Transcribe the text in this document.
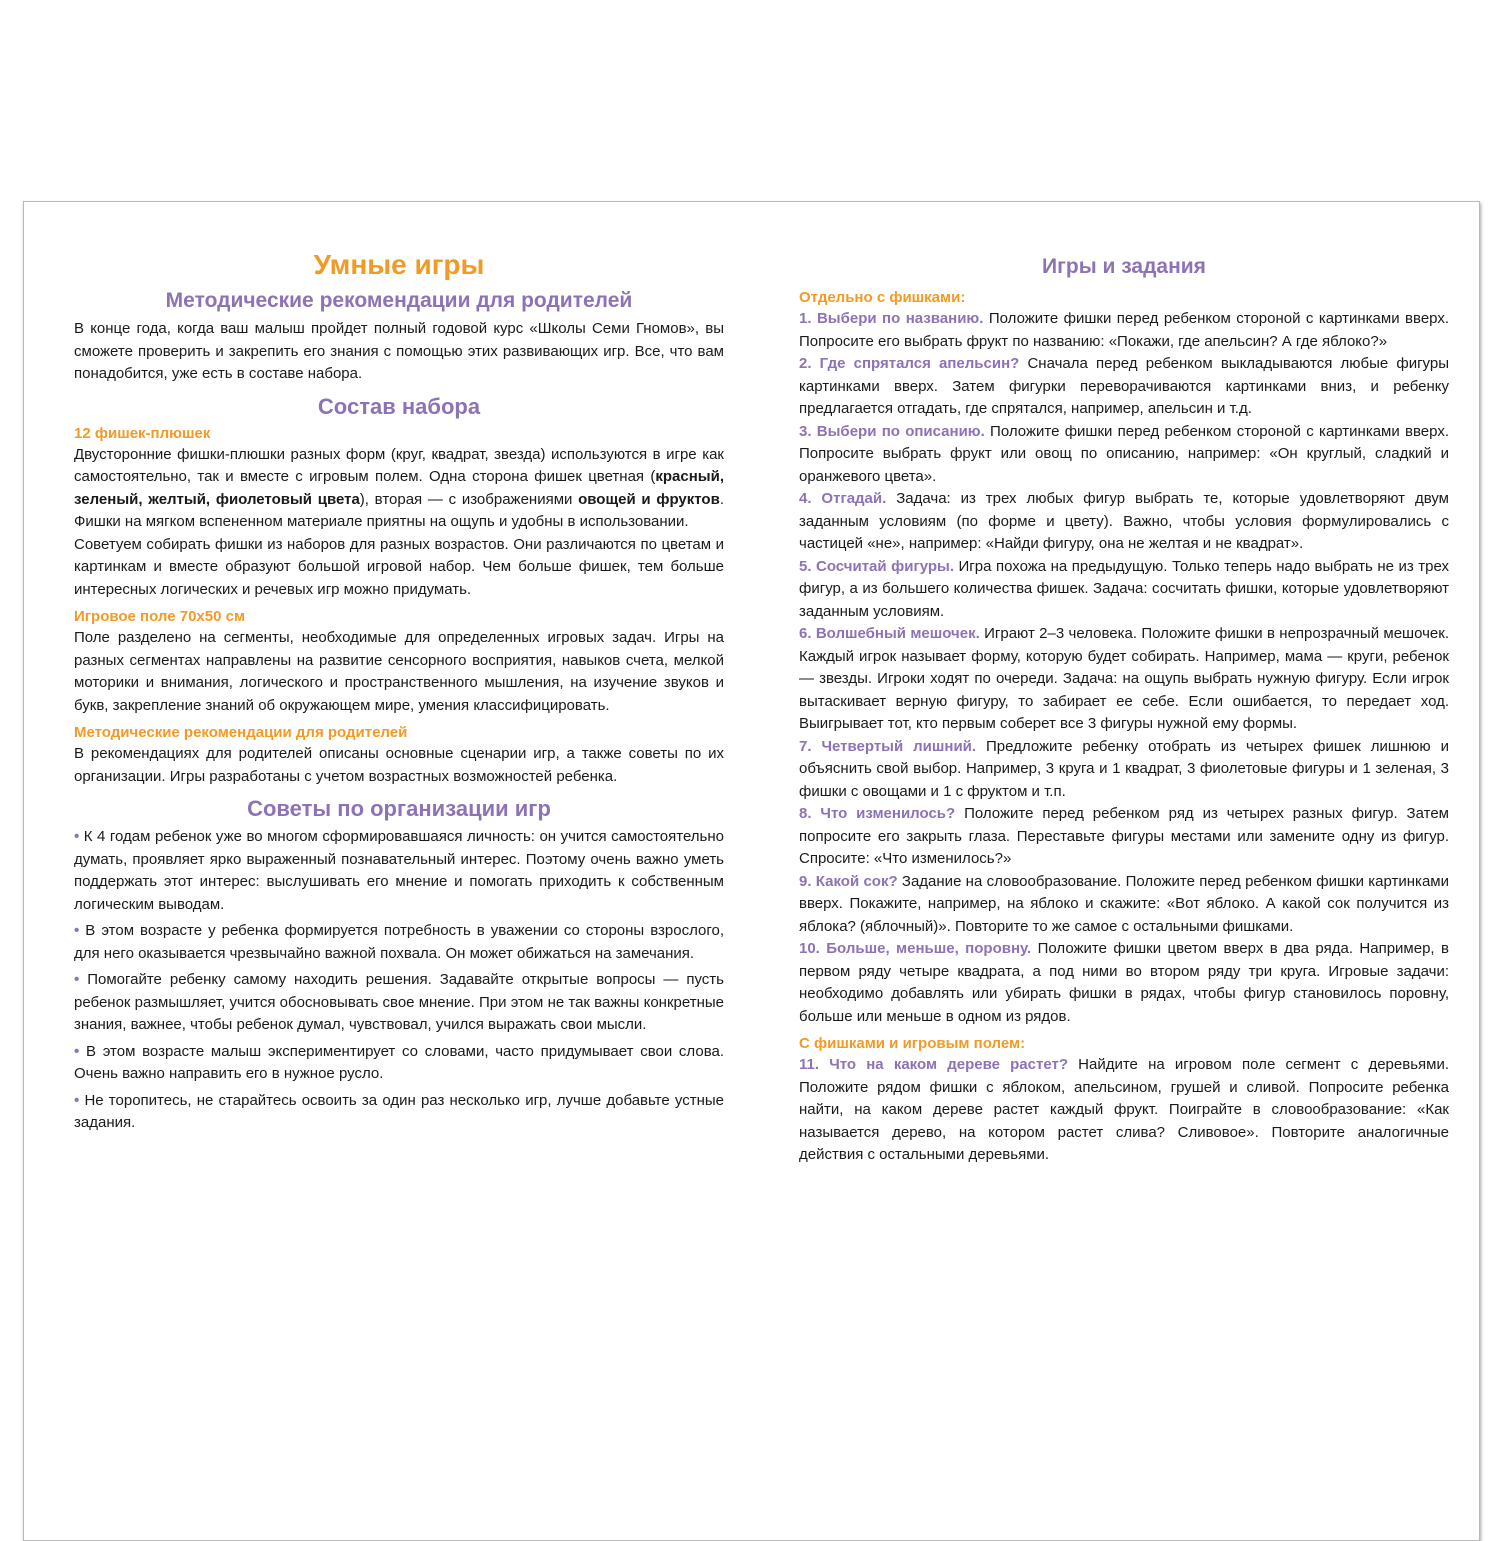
Умные игры
Методические рекомендации для родителей

В конце года, когда ваш малыш пройдет полный годовой курс «Школы Семи Гномов», вы сможете проверить и закрепить его знания с помощью этих развивающих игр. Все, что вам понадобится, уже есть в составе набора.

Состав набора
12 фишек-плюшек

Двусторонние фишки-плюшки разных форм (круг, квадрат, звезда) используются в игре как самостоятельно, так и вместе с игровым полем. Одна сторона фишек цветная (красный, зеленый, желтый, фиолетовый цвета), вторая — с изображениями овощей и фруктов. Фишки на мягком вспененном материале приятны на ощупь и удобны в использовании.

Советуем собирать фишки из наборов для разных возрастов. Они различаются по цветам и картинкам и вместе образуют большой игровой набор. Чем больше фишек, тем больше интересных логических и речевых игр можно придумать.

Игровое поле 70х50 см

Поле разделено на сегменты, необходимые для определенных игровых задач. Игры на разных сегментах направлены на развитие сенсорного восприятия, навыков счета, мелкой моторики и внимания, логического и пространственного мышления, на изучение звуков и букв, закрепление знаний об окружающем мире, умения классифицировать.

Методические рекомендации для родителей

В рекомендациях для родителей описаны основные сценарии игр, а также советы по их организации. Игры разработаны с учетом возрастных возможностей ребенка.

Советы по организации игр

• К 4 годам ребенок уже во многом сформировавшаяся личность: он учится самостоятельно думать, проявляет ярко выраженный познавательный интерес. Поэтому очень важно уметь поддержать этот интерес: выслушивать его мнение и помогать приходить к собственным логическим выводам.

• В этом возрасте у ребенка формируется потребность в уважении со стороны взрослого, для него оказывается чрезвычайно важной похвала. Он может обижаться на замечания.

• Помогайте ребенку самому находить решения. Задавайте открытые вопросы — пусть ребенок размышляет, учится обосновывать свое мнение. При этом не так важны конкретные знания, важнее, чтобы ребенок думал, чувствовал, учился выражать свои мысли.

• В этом возрасте малыш экспериментирует со словами, часто придумывает свои слова. Очень важно направить его в нужное русло.

• Не торопитесь, не старайтесь освоить за один раз несколько игр, лучше добавьте устные задания.

Игры и задания
Отдельно с фишками:

1. Выбери по названию. Положите фишки перед ребенком стороной с картинками вверх. Попросите его выбрать фрукт по названию: «Покажи, где апельсин? А где яблоко?»

2. Где спрятался апельсин? Сначала перед ребенком выкладываются любые фигуры картинками вверх. Затем фигурки переворачиваются картинками вниз, и ребенку предлагается отгадать, где спрятался, например, апельсин и т.д.

3. Выбери по описанию. Положите фишки перед ребенком стороной с картинками вверх. Попросите выбрать фрукт или овощ по описанию, например: «Он круглый, сладкий и оранжевого цвета».

4. Отгадай. Задача: из трех любых фигур выбрать те, которые удовлетворяют двум заданным условиям (по форме и цвету). Важно, чтобы условия формулировались с частицей «не», например: «Найди фигуру, она не желтая и не квадрат».

5. Сосчитай фигуры. Игра похожа на предыдущую. Только теперь надо выбрать не из трех фигур, а из большего количества фишек. Задача: сосчитать фишки, которые удовлетворяют заданным условиям.

6. Волшебный мешочек. Играют 2–3 человека. Положите фишки в непрозрачный мешочек. Каждый игрок называет форму, которую будет собирать. Например, мама — круги, ребенок — звезды. Игроки ходят по очереди. Задача: на ощупь выбрать нужную фигуру. Если игрок вытаскивает верную фигуру, то забирает ее себе. Если ошибается, то передает ход. Выигрывает тот, кто первым соберет все 3 фигуры нужной ему формы.

7. Четвертый лишний. Предложите ребенку отобрать из четырех фишек лишнюю и объяснить свой выбор. Например, 3 круга и 1 квадрат, 3 фиолетовые фигуры и 1 зеленая, 3 фишки с овощами и 1 с фруктом и т.п.

8. Что изменилось? Положите перед ребенком ряд из четырех разных фигур. Затем попросите его закрыть глаза. Переставьте фигуры местами или замените одну из фигур. Спросите: «Что изменилось?»

9. Какой сок? Задание на словообразование. Положите перед ребенком фишки картинками вверх. Покажите, например, на яблоко и скажите: «Вот яблоко. А какой сок получится из яблока? (яблочный)». Повторите то же самое с остальными фишками.

10. Больше, меньше, поровну. Положите фишки цветом вверх в два ряда. Например, в первом ряду четыре квадрата, а под ними во втором ряду три круга. Игровые задачи: необходимо добавлять или убирать фишки в рядах, чтобы фигур становилось поровну, больше или меньше в одном из рядов.

С фишками и игровым полем:

11. Что на каком дереве растет? Найдите на игровом поле сегмент с деревьями. Положите рядом фишки с яблоком, апельсином, грушей и сливой. Попросите ребенка найти, на каком дереве растет каждый фрукт. Поиграйте в словообразование: «Как называется дерево, на котором растет слива? Сливовое». Повторите аналогичные действия с остальными деревьями.
